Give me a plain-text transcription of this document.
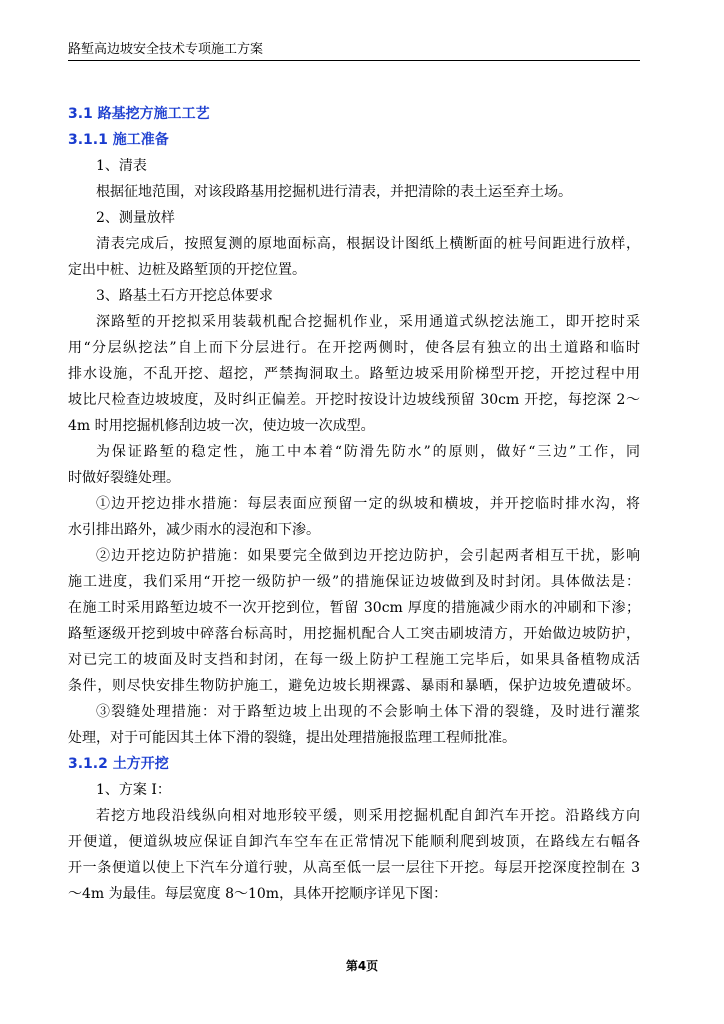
路堑高边坡安全技术专项施工方案
3.1 路基挖方施工工艺
3.1.1 施工准备
1、清表
根据征地范围，对该段路基用挖掘机进行清表，并把清除的表土运至弃土场。
2、测量放样
清表完成后，按照复测的原地面标高，根据设计图纸上横断面的桩号间距进行放样，
定出中桩、边桩及路堑顶的开挖位置。
3、路基土石方开挖总体要求
深路堑的开挖拟采用装载机配合挖掘机作业，采用通道式纵挖法施工，即开挖时采
用“分层纵挖法”自上而下分层进行。在开挖两侧时，使各层有独立的出土道路和临时
排水设施，不乱开挖、超挖，严禁掏洞取土。路堑边坡采用阶梯型开挖，开挖过程中用
坡比尺检查边坡坡度，及时纠正偏差。开挖时按设计边坡线预留 30cm 开挖，每挖深 2～
4m 时用挖掘机修刮边坡一次，使边坡一次成型。
为保证路堑的稳定性，施工中本着“防滑先防水”的原则，做好“三边”工作，同
时做好裂缝处理。
①边开挖边排水措施：每层表面应预留一定的纵坡和横坡，并开挖临时排水沟，将
水引排出路外，减少雨水的浸泡和下渗。
②边开挖边防护措施：如果要完全做到边开挖边防护，会引起两者相互干扰，影响
施工进度，我们采用“开挖一级防护一级”的措施保证边坡做到及时封闭。具体做法是：
在施工时采用路堑边坡不一次开挖到位，暂留 30cm 厚度的措施减少雨水的冲刷和下渗；
路堑逐级开挖到坡中碎落台标高时，用挖掘机配合人工突击刷坡清方，开始做边坡防护，
对已完工的坡面及时支挡和封闭，在每一级上防护工程施工完毕后，如果具备植物成活
条件，则尽快安排生物防护施工，避免边坡长期裸露、暴雨和暴晒，保护边坡免遭破坏。
③裂缝处理措施：对于路堑边坡上出现的不会影响土体下滑的裂缝，及时进行灌浆
处理，对于可能因其土体下滑的裂缝，提出处理措施报监理工程师批准。
3.1.2 土方开挖
1、方案 I：
若挖方地段沿线纵向相对地形较平缓，则采用挖掘机配自卸汽车开挖。沿路线方向
开便道，便道纵坡应保证自卸汽车空车在正常情况下能顺利爬到坡顶，在路线左右幅各
开一条便道以使上下汽车分道行驶，从高至低一层一层往下开挖。每层开挖深度控制在 3
～4m 为最佳。每层宽度 8～10m，具体开挖顺序详见下图：
第4页
